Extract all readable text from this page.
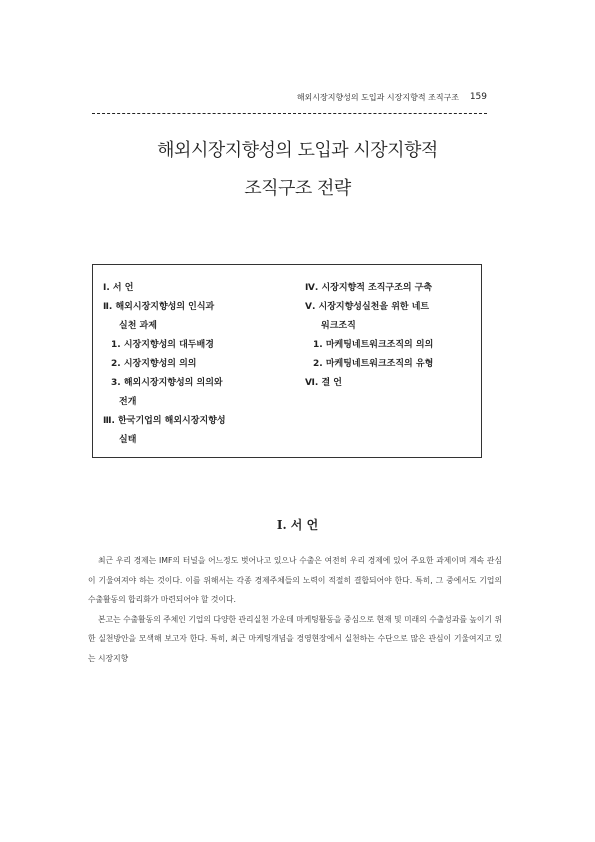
해외시장지향성의 도입과 시장지향적 조직구조 159
해외시장지향성의 도입과 시장지향적
조직구조 전략
Ⅰ. 서 언
Ⅱ. 해외시장지향성의 인식과
실천 과제
1. 시장지향성의 대두배경
2. 시장지향성의 의의
3. 해외시장지향성의 의의와
전개
Ⅲ. 한국기업의 해외시장지향성
실태
Ⅳ. 시장지향적 조직구조의 구축
Ⅴ. 시장지향성실천을 위한 네트
워크조직
1. 마케팅네트워크조직의 의의
2. 마케팅네트워크조직의 유형
Ⅵ. 결 언
Ⅰ. 서 언

최근 우리 경제는 IMF의 터널을 어느정도 벗어나고 있으나 수출은 여전히 우리 경제에 있어 주요한 과제이며 계속 관심이 기울여져야 하는 것이다. 이를 위해서는 각종 경제주체들의 노력이 적절히 결합되어야 한다. 특히, 그 중에서도 기업의 수출활동의 합리화가 마련되어야 할 것이다.

본고는 수출활동의 주체인 기업의 다양한 관리실천 가운데 마케팅활동을 중심으로 현재 및 미래의 수출성과를 높이기 위한 실천방안을 모색해 보고자 한다. 특히, 최근 마케팅개념을 경영현장에서 실천하는 수단으로 많은 관심이 기울여지고 있는 시장지향
